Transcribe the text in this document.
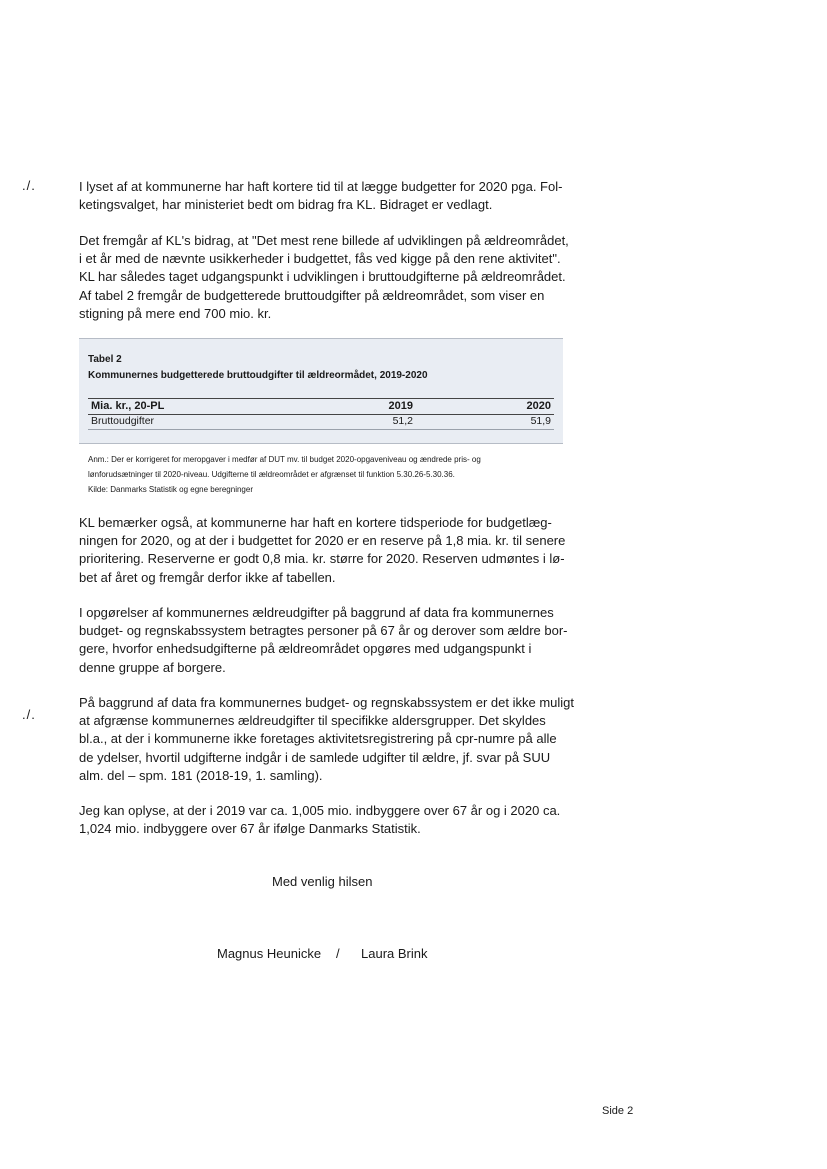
./.
./.

I lyset af at kommunerne har haft kortere tid til at lægge budgetter for 2020 pga. Fol-
ketingsvalget, har ministeriet bedt om bidrag fra KL. Bidraget er vedlagt.

Det fremgår af KL's bidrag, at "Det mest rene billede af udviklingen på ældreområdet,
i et år med de nævnte usikkerheder i budgettet, fås ved kigge på den rene aktivitet".
KL har således taget udgangspunkt i udviklingen i bruttoudgifterne på ældreområdet.
Af tabel 2 fremgår de budgetterede bruttoudgifter på ældreområdet, som viser en
stigning på mere end 700 mio. kr.

Tabel 2
Kommunernes budgetterede bruttoudgifter til ældreormådet, 2019-2020
Mia. kr., 20-PL	2019	2020
Bruttoudgifter	51,2	51,9
Anm.: Der er korrigeret for meropgaver i medfør af DUT mv. til budget 2020-opgaveniveau og ændrede pris- og
lønforudsætninger til 2020-niveau. Udgifterne til ældreområdet er afgrænset til funktion 5.30.26-5.30.36.
Kilde: Danmarks Statistik og egne beregninger

KL bemærker også, at kommunerne har haft en kortere tidsperiode for budgetlæg-
ningen for 2020, og at der i budgettet for 2020 er en reserve på 1,8 mia. kr. til senere
prioritering. Reserverne er godt 0,8 mia. kr. større for 2020. Reserven udmøntes i lø-
bet af året og fremgår derfor ikke af tabellen.

I opgørelser af kommunernes ældreudgifter på baggrund af data fra kommunernes
budget- og regnskabssystem betragtes personer på 67 år og derover som ældre bor-
gere, hvorfor enhedsudgifterne på ældreområdet opgøres med udgangspunkt i
denne gruppe af borgere.

På baggrund af data fra kommunernes budget- og regnskabssystem er det ikke muligt
at afgrænse kommunernes ældreudgifter til specifikke aldersgrupper. Det skyldes
bl.a., at der i kommunerne ikke foretages aktivitetsregistrering på cpr-numre på alle
de ydelser, hvortil udgifterne indgår i de samlede udgifter til ældre, jf. svar på SUU
alm. del – spm. 181 (2018-19, 1. samling).

Jeg kan oplyse, at der i 2019 var ca. 1,005 mio. indbyggere over 67 år og i 2020 ca.
1,024 mio. indbyggere over 67 år ifølge Danmarks Statistik.

Med venlig hilsen
Magnus Heunicke / Laura Brink
Side 2
